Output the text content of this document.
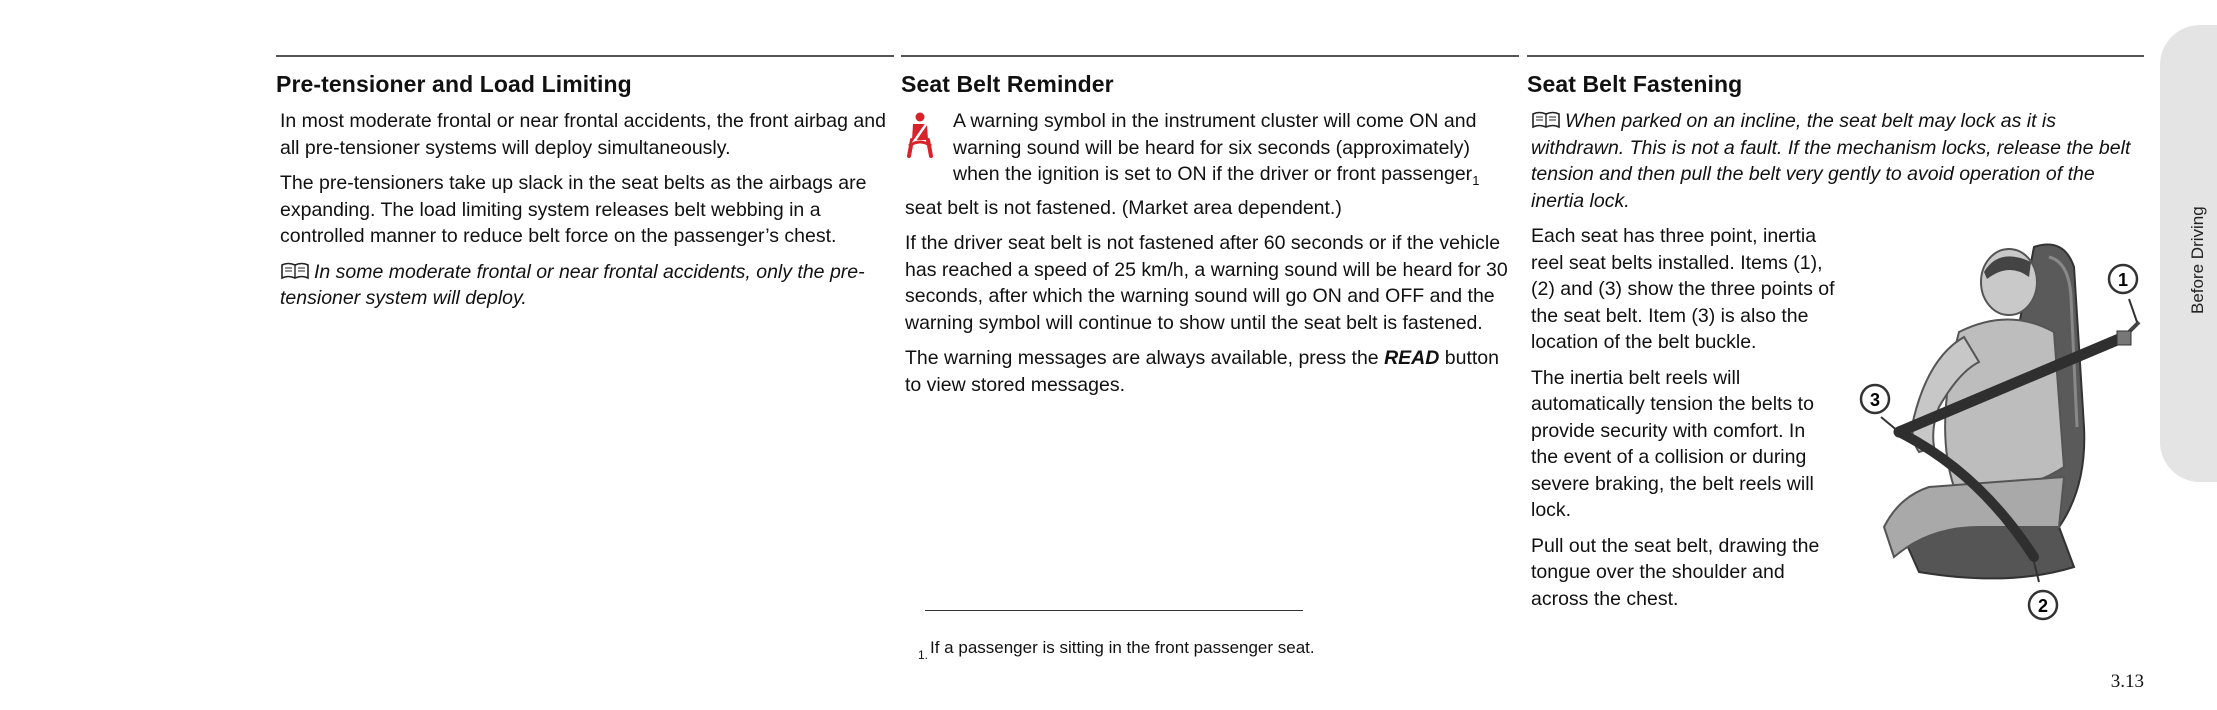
Pre-tensioner and Load Limiting

In most moderate frontal or near frontal accidents, the front airbag and all pre-tensioner systems will deploy simultaneously.

The pre-tensioners take up slack in the seat belts as the airbags are expanding. The load limiting system releases belt webbing in a controlled manner to reduce belt force on the passenger’s chest.

In some moderate frontal or near frontal accidents, only the pre-tensioner system will deploy.

Seat Belt Reminder

A warning symbol in the instrument cluster will come ON and warning sound will be heard for six seconds (approximately) when the ignition is set to ON if the driver or front passenger$_1$

seat belt is not fastened. (Market area dependent.)

If the driver seat belt is not fastened after 60 seconds or if the vehicle has reached a speed of 25 km/h, a warning sound will be heard for 30 seconds, after which the warning sound will go ON and OFF and the warning symbol will continue to show until the seat belt is fastened.

The warning messages are always available, press the READ button to view stored messages.

Seat Belt Fastening

When parked on an incline, the seat belt may lock as it is withdrawn. This is not a fault. If the mechanism locks, release the belt tension and then pull the belt very gently to avoid operation of the inertia lock.

Each seat has three point, inertia reel seat belts installed. Items (1), (2) and (3) show the three points of the seat belt. Item (3) is also the location of the belt buckle.

The inertia belt reels will automatically tension the belts to provide security with comfort. In the event of a collision or during severe braking, the belt reels will lock.

Pull out the seat belt, drawing the tongue over the shoulder and across the chest.

1
2
3
$^{1.}$ If a passenger is sitting in the front passenger seat.
3.13
Before Driving
